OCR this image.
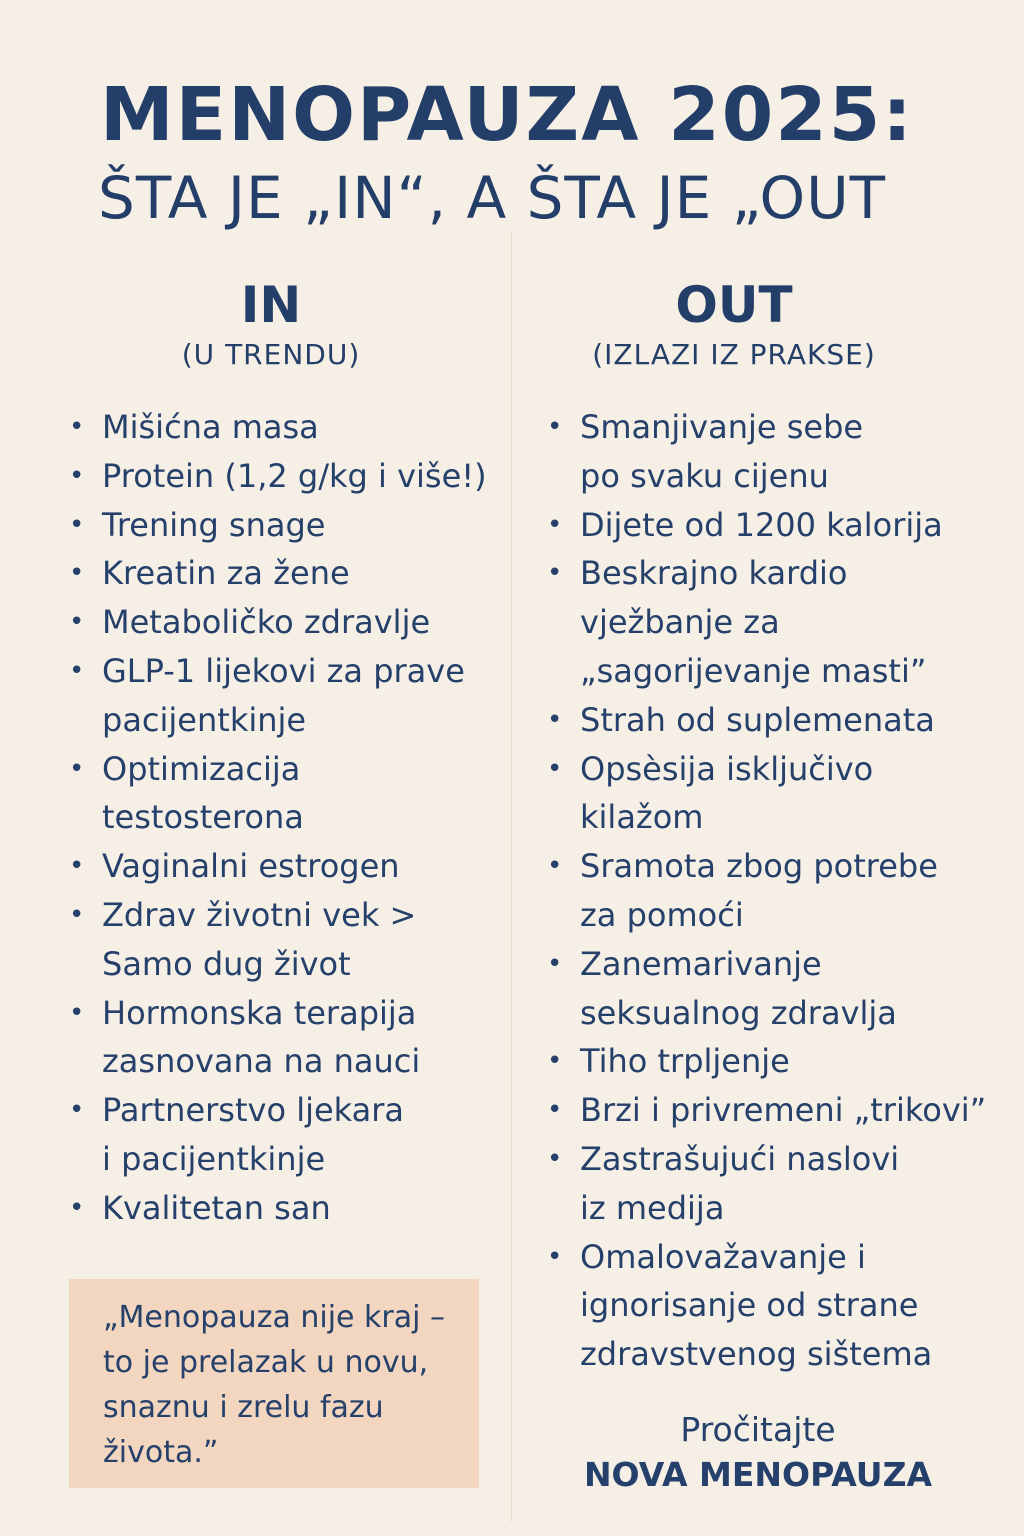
MENOPAUZA 2025:
ŠTA JE „IN“, A ŠTA JE „OUT
IN
(U TRENDU)
OUT
(IZLAZI IZ PRAKSE)
• Mišićna masa
• Protein (1,2 g/kg i više!)
• Trening snage
• Kreatin za žene
• Metaboličko zdravlje
• GLP-1 lijekovi za prave
pacijentkinje
• Optimizacija
testosterona
• Vaginalni estrogen
• Zdrav životni vek >
Samo dug život
• Hormonska terapija
zasnovana na nauci
• Partnerstvo ljekara
i pacijentkinje
• Kvalitetan san
• Smanjivanje sebe
po svaku cijenu
• Dijete od 1200 kalorija
• Beskrajno kardio
vježbanje za
„sagorijevanje masti”
• Strah od suplemenata
• Opsèsija isključivo
kilažom
• Sramota zbog potrebe
za pomoći
• Zanemarivanje
seksualnog zdravlja
• Tiho trpljenje
• Brzi i privremeni „trikovi”
• Zastrašujući naslovi
iz medija
• Omalovažavanje i
ignorisanje od strane
zdravstvenog sištema
„Menopauza nije kraj –
to je prelazak u novu,
snaznu i zrelu fazu
života.”
Pročitajte
NOVA MENOPAUZA
